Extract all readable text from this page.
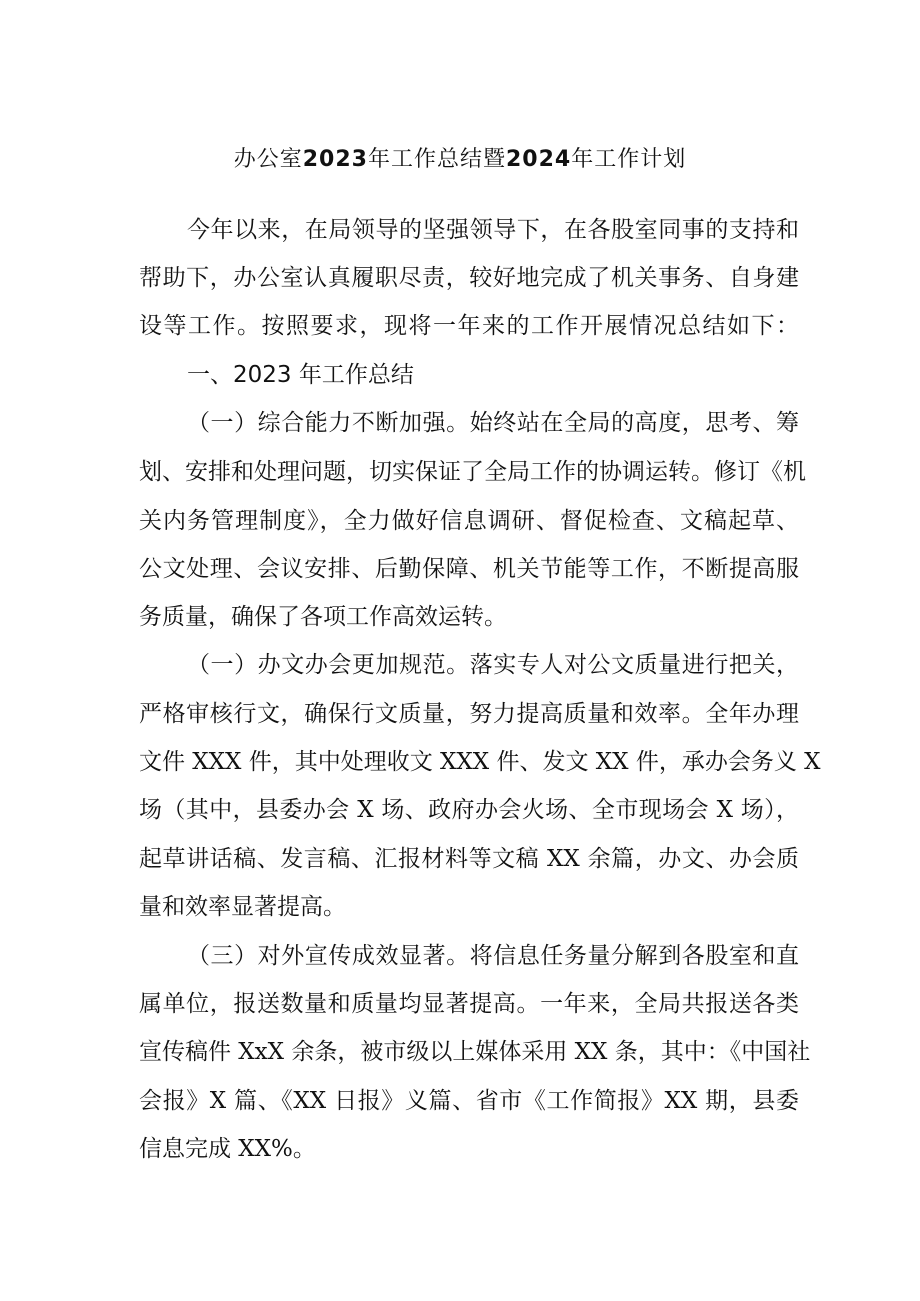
办公室2023年工作总结暨2024年工作计划
今年以来，在局领导的坚强领导下，在各股室同事的支持和
帮助下，办公室认真履职尽责，较好地完成了机关事务、自身建
设等工作。按照要求，现将一年来的工作开展情况总结如下：
一、2023 年工作总结
（一）综合能力不断加强。始终站在全局的高度，思考、筹
划、安排和处理问题，切实保证了全局工作的协调运转。修订《机
关内务管理制度》，全力做好信息调研、督促检查、文稿起草、
公文处理、会议安排、后勤保障、机关节能等工作，不断提高服
务质量，确保了各项工作高效运转。
（一）办文办会更加规范。落实专人对公文质量进行把关，
严格审核行文，确保行文质量，努力提高质量和效率。全年办理
文件 XXX 件，其中处理收文 XXX 件、发文 XX 件，承办会务义 X
场（其中，县委办会 X 场、政府办会火场、全市现场会 X 场），
起草讲话稿、发言稿、汇报材料等文稿 XX 余篇，办文、办会质
量和效率显著提高。
（三）对外宣传成效显著。将信息任务量分解到各股室和直
属单位，报送数量和质量均显著提高。一年来，全局共报送各类
宣传稿件 XxX 余条，被市级以上媒体采用 XX 条，其中：《中国社
会报》X 篇、《XX 日报》义篇、省市《工作简报》XX 期，县委
信息完成 XX%。
